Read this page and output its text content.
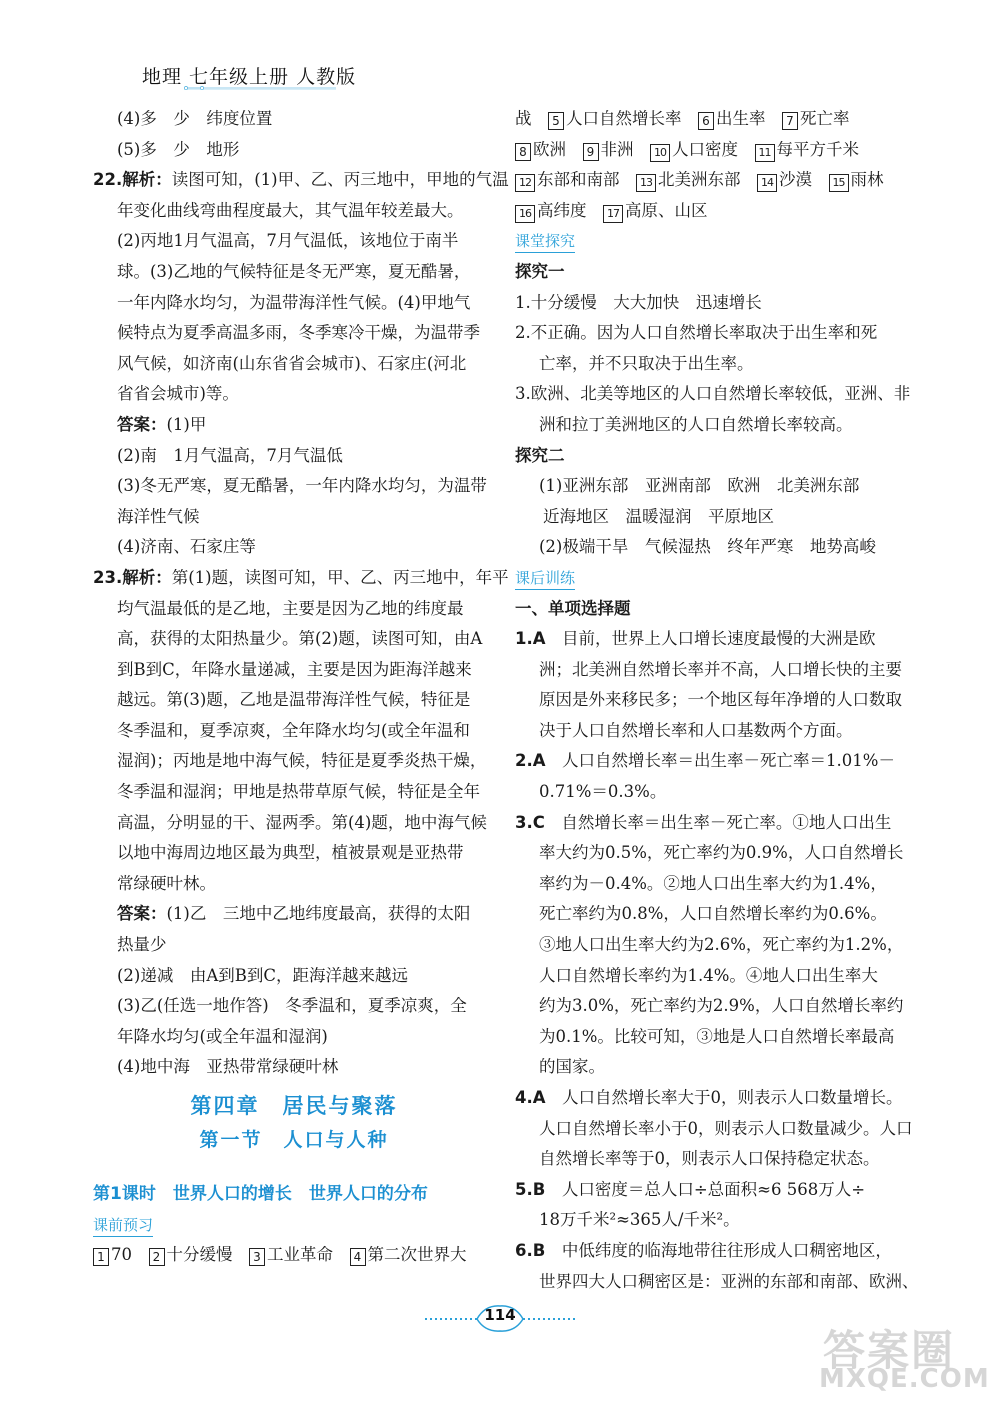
地理 七年级上册 人教版

(4)多　少　纬度位置

(5)多　少　地形

22.解析：读图可知，(1)甲、乙、丙三地中，甲地的气温

年变化曲线弯曲程度最大，其气温年较差最大。

(2)丙地1月气温高，7月气温低，该地位于南半

球。(3)乙地的气候特征是冬无严寒，夏无酷暑，

一年内降水均匀，为温带海洋性气候。(4)甲地气

候特点为夏季高温多雨，冬季寒冷干燥，为温带季

风气候，如济南(山东省省会城市)、石家庄(河北

省省会城市)等。

答案：(1)甲

(2)南　1月气温高，7月气温低

(3)冬无严寒，夏无酷暑，一年内降水均匀，为温带

海洋性气候

(4)济南、石家庄等

23.解析：第(1)题，读图可知，甲、乙、丙三地中，年平

均气温最低的是乙地，主要是因为乙地的纬度最

高，获得的太阳热量少。第(2)题，读图可知，由A

到B到C，年降水量递减，主要是因为距海洋越来

越远。第(3)题，乙地是温带海洋性气候，特征是

冬季温和，夏季凉爽，全年降水均匀(或全年温和

湿润)；丙地是地中海气候，特征是夏季炎热干燥，

冬季温和湿润；甲地是热带草原气候，特征是全年

高温，分明显的干、湿两季。第(4)题，地中海气候

以地中海周边地区最为典型，植被景观是亚热带

常绿硬叶林。

答案：(1)乙　三地中乙地纬度最高，获得的太阳

热量少

(2)递减　由A到B到C，距海洋越来越远

(3)乙(任选一地作答)　冬季温和，夏季凉爽，全

年降水均匀(或全年温和湿润)

(4)地中海　亚热带常绿硬叶林

第四章　居民与聚落

第一节　人口与人种

第1课时　世界人口的增长　世界人口的分布

课前预习

1 70　 2 十分缓慢　 3 工业革命　 4 第二次世界大

战　 5 人口自然增长率　 6 出生率　 7 死亡率

8 欧洲　 9 非洲　 10 人口密度　 11 每平方千米

12 东部和南部　 13 北美洲东部　 14 沙漠　 15 雨林

16 高纬度　 17 高原、山区

课堂探究

探究一

1.十分缓慢　大大加快　迅速增长

2.不正确。因为人口自然增长率取决于出生率和死

亡率，并不只取决于出生率。

3.欧洲、北美等地区的人口自然增长率较低，亚洲、非

洲和拉丁美洲地区的人口自然增长率较高。

探究二

(1)亚洲东部　亚洲南部　欧洲　北美洲东部

近海地区　温暖湿润　平原地区

(2)极端干旱　气候湿热　终年严寒　地势高峻

课后训练

一、单项选择题

1.A　目前，世界上人口增长速度最慢的大洲是欧

洲；北美洲自然增长率并不高，人口增长快的主要

原因是外来移民多；一个地区每年净增的人口数取

决于人口自然增长率和人口基数两个方面。

2.A　人口自然增长率＝出生率－死亡率＝1.01%－

0.71%＝0.3%。

3.C　自然增长率＝出生率－死亡率。①地人口出生

率大约为0.5%，死亡率约为0.9%，人口自然增长

率约为－0.4%。②地人口出生率大约为1.4%，

死亡率约为0.8%，人口自然增长率约为0.6%。

③地人口出生率大约为2.6%，死亡率约为1.2%，

人口自然增长率约为1.4%。④地人口出生率大

约为3.0%，死亡率约为2.9%，人口自然增长率约

为0.1%。比较可知，③地是人口自然增长率最高

的国家。

4.A　人口自然增长率大于0，则表示人口数量增长。

人口自然增长率小于0，则表示人口数量减少。人口

自然增长率等于0，则表示人口保持稳定状态。

5.B　人口密度＝总人口÷总面积≈6 568万人÷

18万千米²≈365人/千米²。

6.B　中低纬度的临海地带往往形成人口稠密地区，

世界四大人口稠密区是：亚洲的东部和南部、欧洲、

114
答案圈
MXQE.COM
